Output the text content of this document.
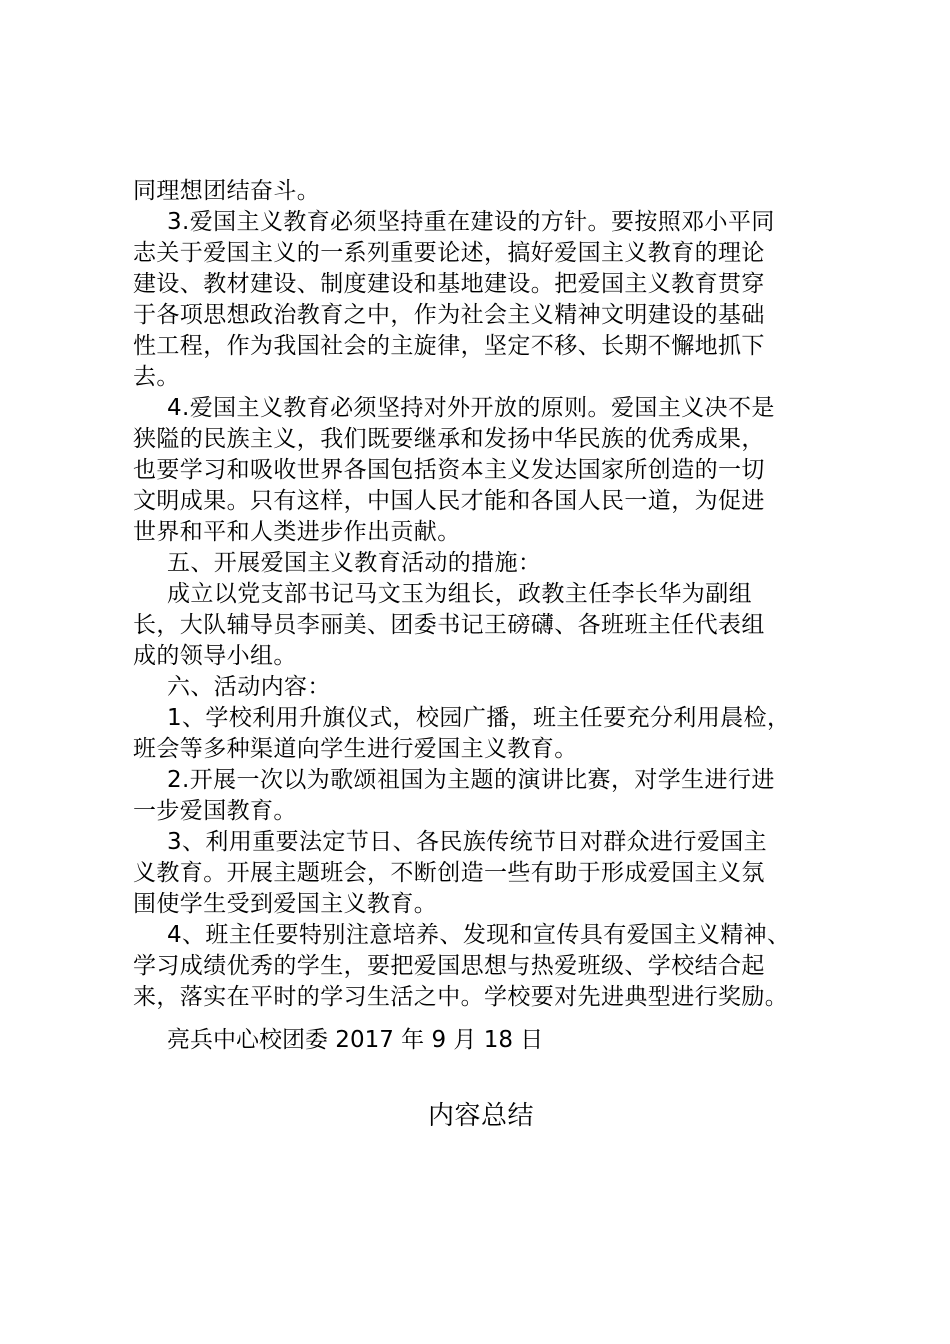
同理想团结奋斗。
3.爱国主义教育必须坚持重在建设的方针。要按照邓小平同
志关于爱国主义的一系列重要论述，搞好爱国主义教育的理论
建设、教材建设、制度建设和基地建设。把爱国主义教育贯穿
于各项思想政治教育之中，作为社会主义精神文明建设的基础
性工程，作为我国社会的主旋律，坚定不移、长期不懈地抓下
去。
4.爱国主义教育必须坚持对外开放的原则。爱国主义决不是
狭隘的民族主义，我们既要继承和发扬中华民族的优秀成果，
也要学习和吸收世界各国包括资本主义发达国家所创造的一切
文明成果。只有这样，中国人民才能和各国人民一道，为促进
世界和平和人类进步作出贡献。
五、开展爱国主义教育活动的措施：
成立以党支部书记马文玉为组长，政教主任李长华为副组
长，大队辅导员李丽美、团委书记王磅礴、各班班主任代表组
成的领导小组。
六、活动内容：
1、学校利用升旗仪式，校园广播，班主任要充分利用晨检，
班会等多种渠道向学生进行爱国主义教育。
2.开展一次以为歌颂祖国为主题的演讲比赛，对学生进行进
一步爱国教育。
3、利用重要法定节日、各民族传统节日对群众进行爱国主
义教育。开展主题班会，不断创造一些有助于形成爱国主义氛
围使学生受到爱国主义教育。
4、班主任要特别注意培养、发现和宣传具有爱国主义精神、
学习成绩优秀的学生，要把爱国思想与热爱班级、学校结合起
来，落实在平时的学习生活之中。学校要对先进典型进行奖励。
亮兵中心校团委 2017 年 9 月 18 日
内容总结
